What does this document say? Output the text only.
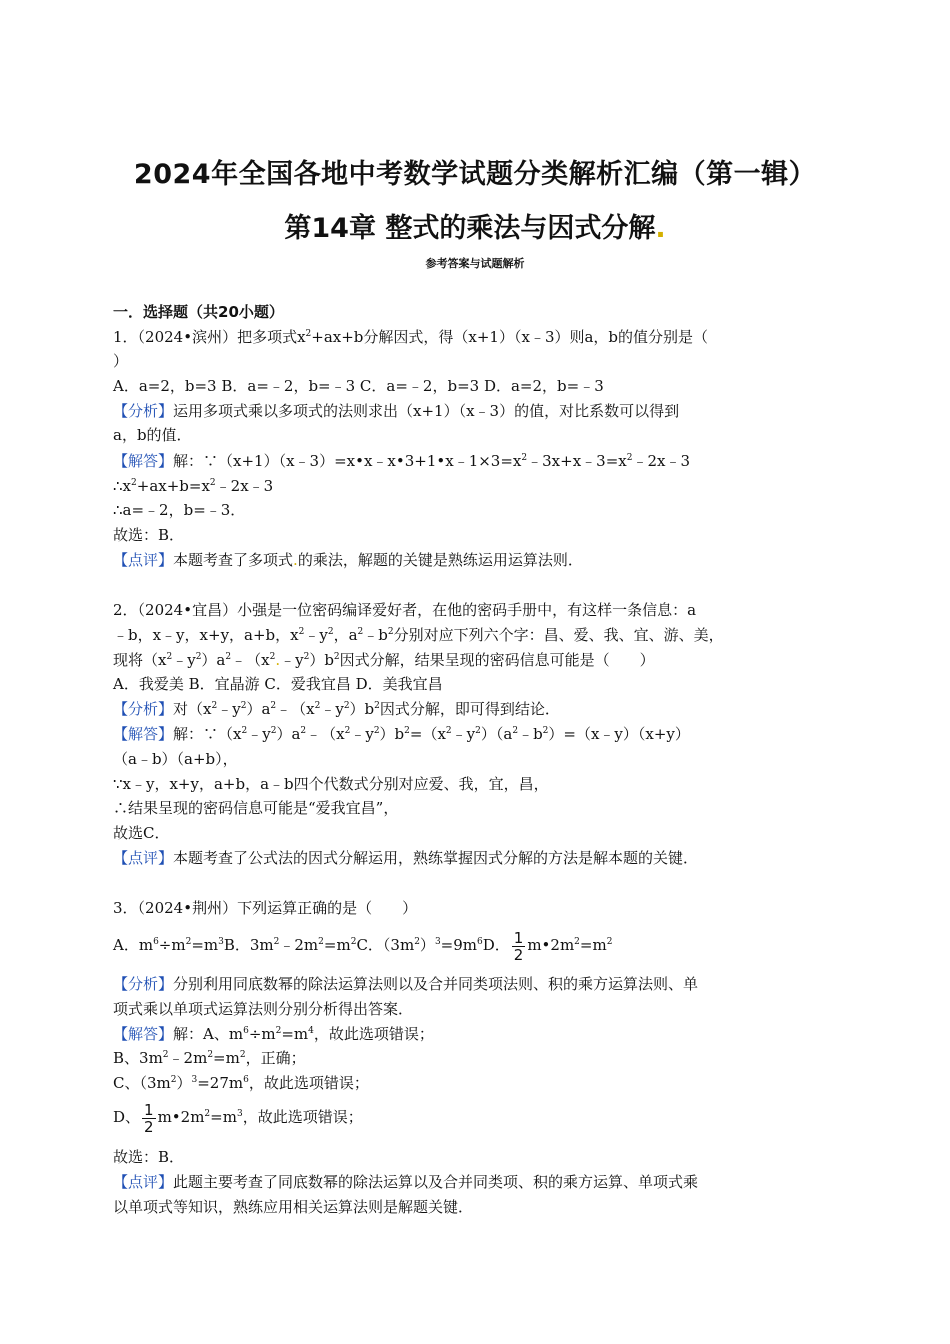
2024年全国各地中考数学试题分类解析汇编（第一辑）
第14章 整式的乘法与因式分解.
参考答案与试题解析
一．选择题（共20小题）
1．（2024•滨州）把多项式$x^2+ax+b$分解因式，得（x+1）（x﹣3）则a，b的值分别是（
）
A．a=2，b=3 B．a=﹣2，b=﹣3 C．a=﹣2，b=3 D．a=2，b=﹣3
【分析】运用多项式乘以多项式的法则求出（x+1）（x﹣3）的值，对比系数可以得到
a，b的值．
【解答】解：$\because(x+1)(x﹣3)=x•x﹣x•3+1•x﹣1\times 3=x^2﹣3x+x﹣3=x^2﹣2x﹣3$
$\therefore x^2+ax+b=x^2﹣2x﹣3$
∴a=﹣2，b=﹣3．
故选：B．
【点评】本题考查了多项式.的乘法，解题的关键是熟练运用运算法则．
2．（2024•宜昌）小强是一位密码编译爱好者，在他的密码手册中，有这样一条信息：a
﹣b，x﹣y，x+y，a+b，$x^2﹣y^2$，$a^2﹣b^2$分别对应下列六个字：昌、爱、我、宜、游、美，
现将$(x^2﹣y^2)a^2﹣(x^2.﹣y^2)b^2$因式分解，结果呈现的密码信息可能是（　　）
A．我爱美 B．宜晶游 C．爱我宜昌 D．美我宜昌
【分析】对$(x^2﹣y^2)a^2﹣(x^2﹣y^2)b^2$因式分解，即可得到结论．
【解答】解：$\because(x^2﹣y^2)a^2﹣(x^2﹣y^2)b^2=(x^2﹣y^2)(a^2﹣b^2)=(x﹣y)(x+y)$
（a﹣b）（a+b），
∵x﹣y，x+y，a+b，a﹣b四个代数式分别对应爱、我，宜，昌，
∴结果呈现的密码信息可能是“爱我宜昌”，
故选C．
【点评】本题考查了公式法的因式分解运用，熟练掌握因式分解的方法是解本题的关键．
3．（2024•荆州）下列运算正确的是（　　）
A．$m^6\div m^2=m^3B$．$3m^2﹣2m^2=m^2C$．$(3m^2)^3=9m^6D$． $\frac{1}{2}$ $m•2m^2=m^2$
【分析】分别利用同底数幂的除法运算法则以及合并同类项法则、积的乘方运算法则、单
项式乘以单项式运算法则分别分析得出答案．
【解答】解：A、$m^6\div m^2=m^4$，故此选项错误；
B、$3m^2﹣2m^2=m^2$，正确；
C、$(3m^2)^3=27m^6$，故此选项错误；
D、 $\frac{1}{2}$ $m•2m^2=m^3$，故此选项错误；
故选：B．
【点评】此题主要考查了同底数幂的除法运算以及合并同类项、积的乘方运算、单项式乘
以单项式等知识，熟练应用相关运算法则是解题关键．
